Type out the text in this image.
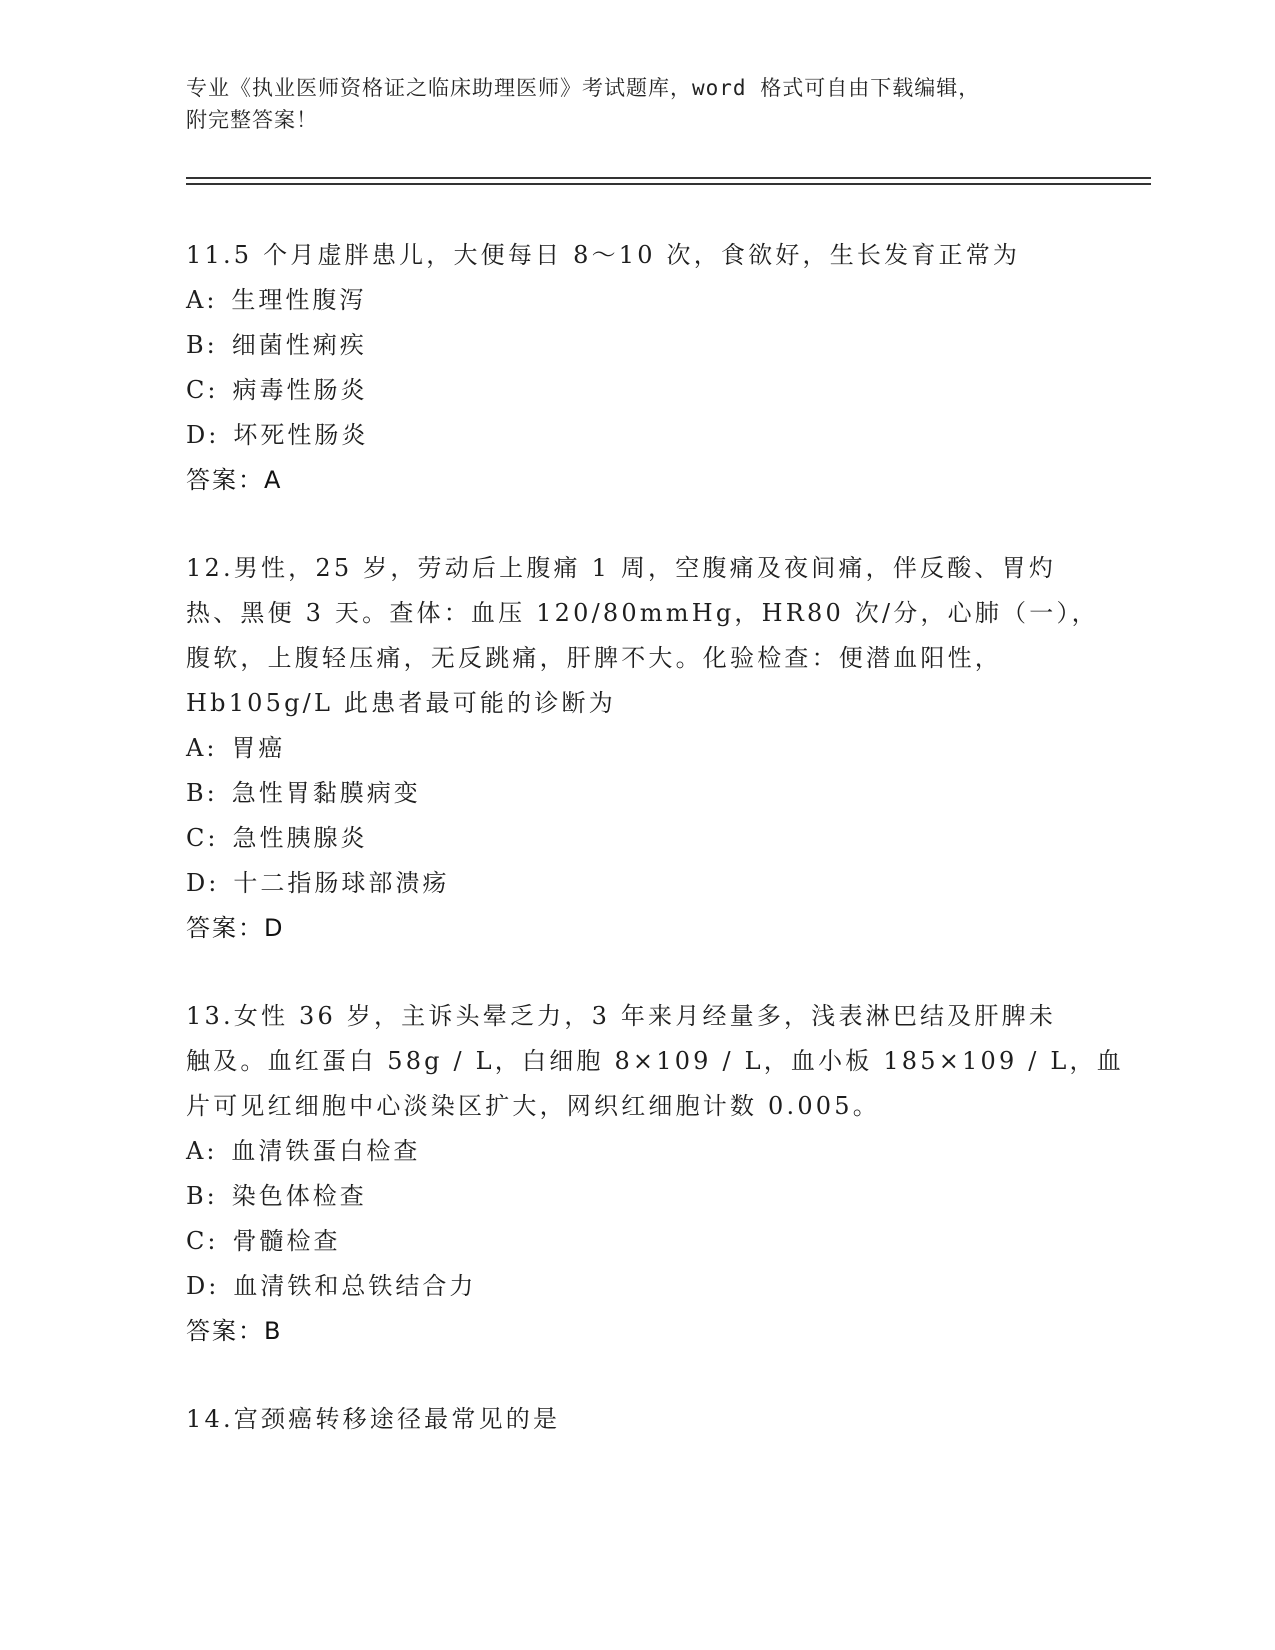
专业《执业医师资格证之临床助理医师》考试题库，word 格式可自由下载编辑，
附完整答案！
11.5 个月虚胖患儿，大便每日 8～10 次，食欲好，生长发育正常为
A: 生理性腹泻
B: 细菌性痢疾
C: 病毒性肠炎
D: 坏死性肠炎
答案：A
12.男性，25 岁，劳动后上腹痛 1 周，空腹痛及夜间痛，伴反酸、胃灼
热、黑便 3 天。查体：血压 120/80mmHg，HR80 次/分，心肺（一），
腹软，上腹轻压痛，无反跳痛，肝脾不大。化验检查：便潜血阳性，
Hb105g/L 此患者最可能的诊断为
A: 胃癌
B: 急性胃黏膜病变
C: 急性胰腺炎
D: 十二指肠球部溃疡
答案：D
13.女性 36 岁，主诉头晕乏力，3 年来月经量多，浅表淋巴结及肝脾未
触及。血红蛋白 58g / L，白细胞 8×109 / L，血小板 185×109 / L，血
片可见红细胞中心淡染区扩大，网织红细胞计数 0.005。
A: 血清铁蛋白检查
B: 染色体检查
C: 骨髓检查
D: 血清铁和总铁结合力
答案：B
14.宫颈癌转移途径最常见的是
